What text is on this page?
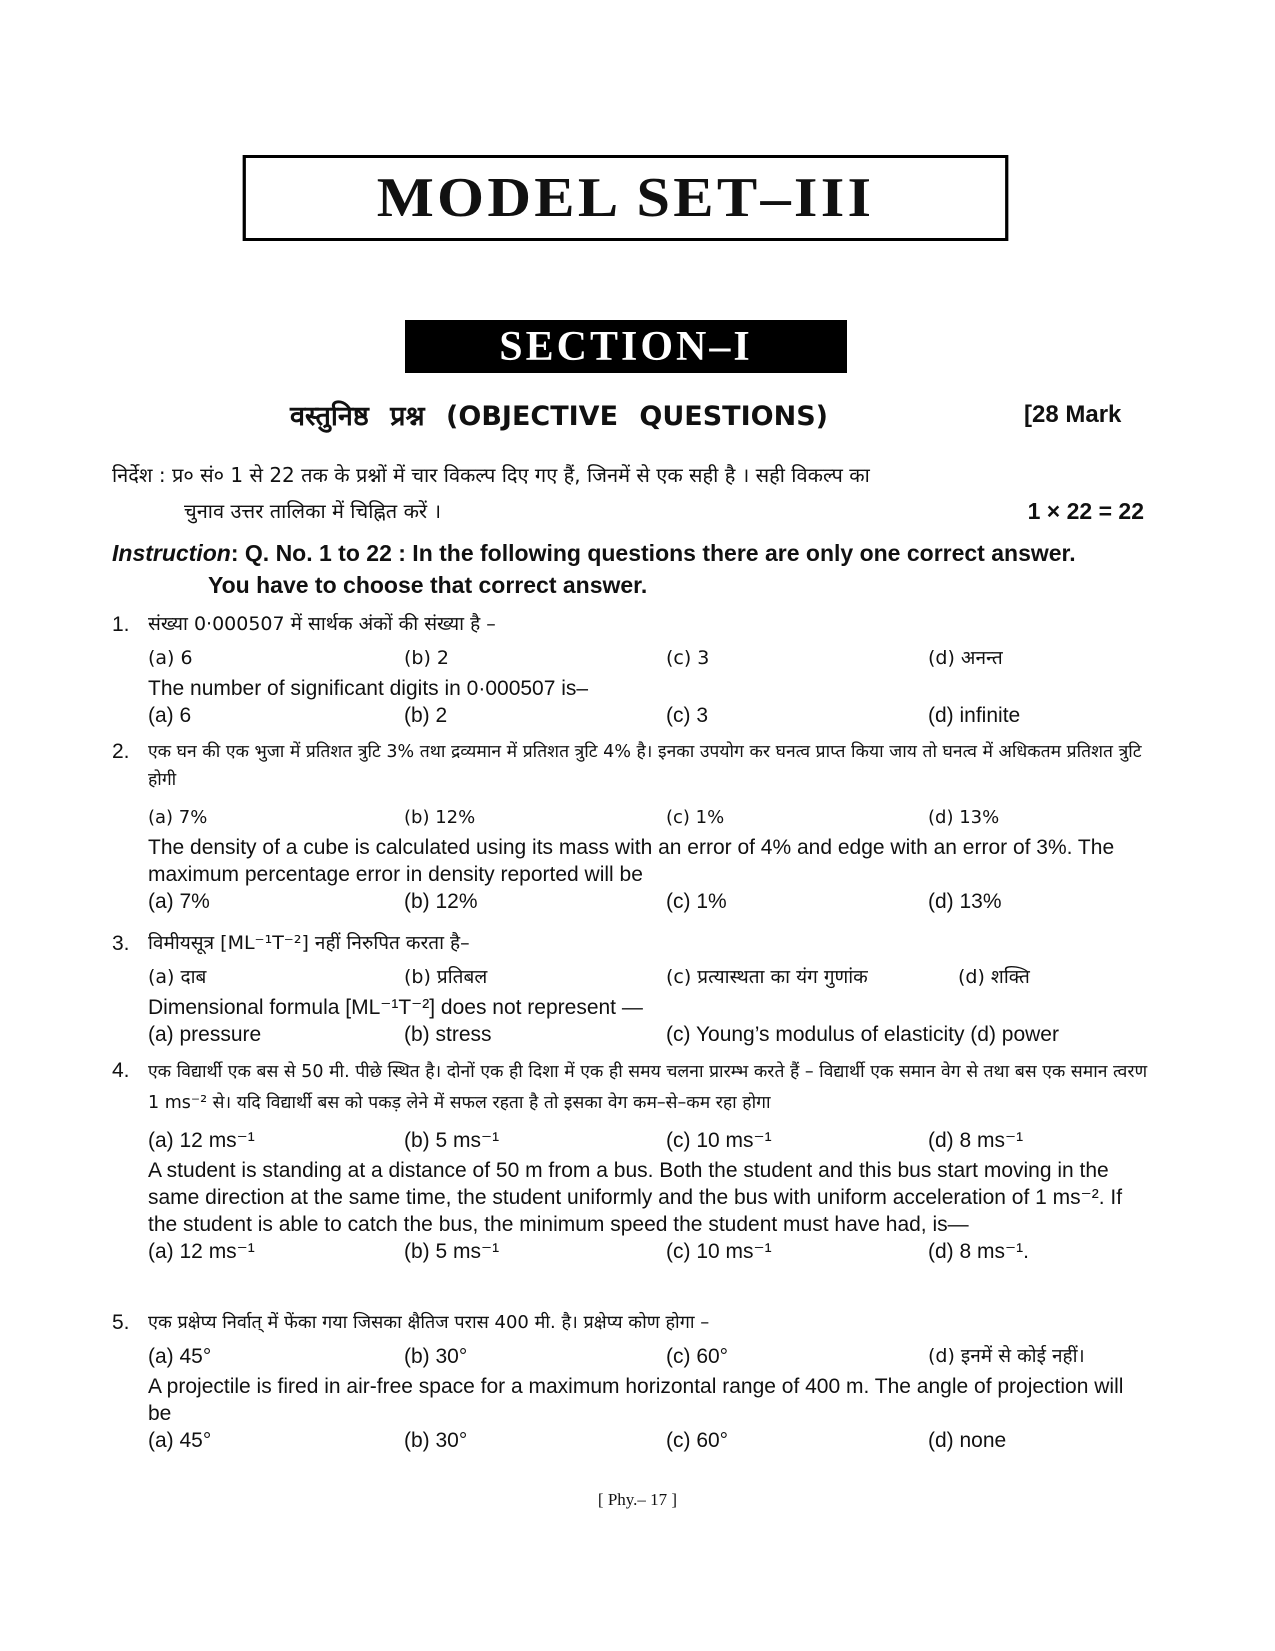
MODEL SET–III
SECTION–I
वस्तुनिष्ठ प्रश्न (OBJECTIVE QUESTIONS)	[28 Mark
निर्देश : प्र० सं० 1 से 22 तक के प्रश्नों में चार विकल्प दिए गए हैं, जिनमें से एक सही है । सही विकल्प का
चुनाव उत्तर तालिका में चिह्नित करें ।	1 × 22 = 22
Instruction: Q. No. 1 to 22 : In the following questions there are only one correct answer.
You have to choose that correct answer.
1. संख्या 0·000507 में सार्थक अंकों की संख्या है –
(a) 6	(b) 2	(c) 3	(d) अनन्त
The number of significant digits in 0·000507 is–
(a) 6	(b) 2	(c) 3	(d) infinite
2. एक घन की एक भुजा में प्रतिशत त्रुटि 3% तथा द्रव्यमान में प्रतिशत त्रुटि 4% है। इनका उपयोग कर घनत्व प्राप्त किया जाय तो घनत्व में अधिकतम प्रतिशत त्रुटि होगी
(a) 7%	(b) 12%	(c) 1%	(d) 13%
The density of a cube is calculated using its mass with an error of 4% and edge with an error of 3%. The maximum percentage error in density reported will be
(a) 7%	(b) 12%	(c) 1%	(d) 13%
3. विमीयसूत्र [ML⁻¹T⁻²] नहीं निरुपित करता है–
(a) दाब	(b) प्रतिबल	(c) प्रत्यास्थता का यंग गुणांक	(d) शक्ति
Dimensional formula [ML⁻¹T⁻²] does not represent —
(a) pressure	(b) stress	(c) Young’s modulus of elasticity (d) power
4. एक विद्यार्थी एक बस से 50 मी. पीछे स्थित है। दोनों एक ही दिशा में एक ही समय चलना प्रारम्भ करते हैं – विद्यार्थी एक समान वेग से तथा बस एक समान त्वरण 1 ms⁻² से। यदि विद्यार्थी बस को पकड़ लेने में सफल रहता है तो इसका वेग कम–से–कम रहा होगा
(a) 12 ms⁻¹	(b) 5 ms⁻¹	(c) 10 ms⁻¹	(d) 8 ms⁻¹
A student is standing at a distance of 50 m from a bus. Both the student and this bus start moving in the same direction at the same time, the student uniformly and the bus with uniform acceleration of 1 ms⁻². If the student is able to catch the bus, the minimum speed the student must have had, is—
(a) 12 ms⁻¹	(b) 5 ms⁻¹	(c) 10 ms⁻¹	(d) 8 ms⁻¹.
5. एक प्रक्षेप्य निर्वात् में फेंका गया जिसका क्षैतिज परास 400 मी. है। प्रक्षेप्य कोण होगा –
(a) 45°	(b) 30°	(c) 60°	(d) इनमें से कोई नहीं।
A projectile is fired in air-free space for a maximum horizontal range of 400 m. The angle of projection will be
(a) 45°	(b) 30°	(c) 60°	(d) none
[ Phy.– 17 ]
